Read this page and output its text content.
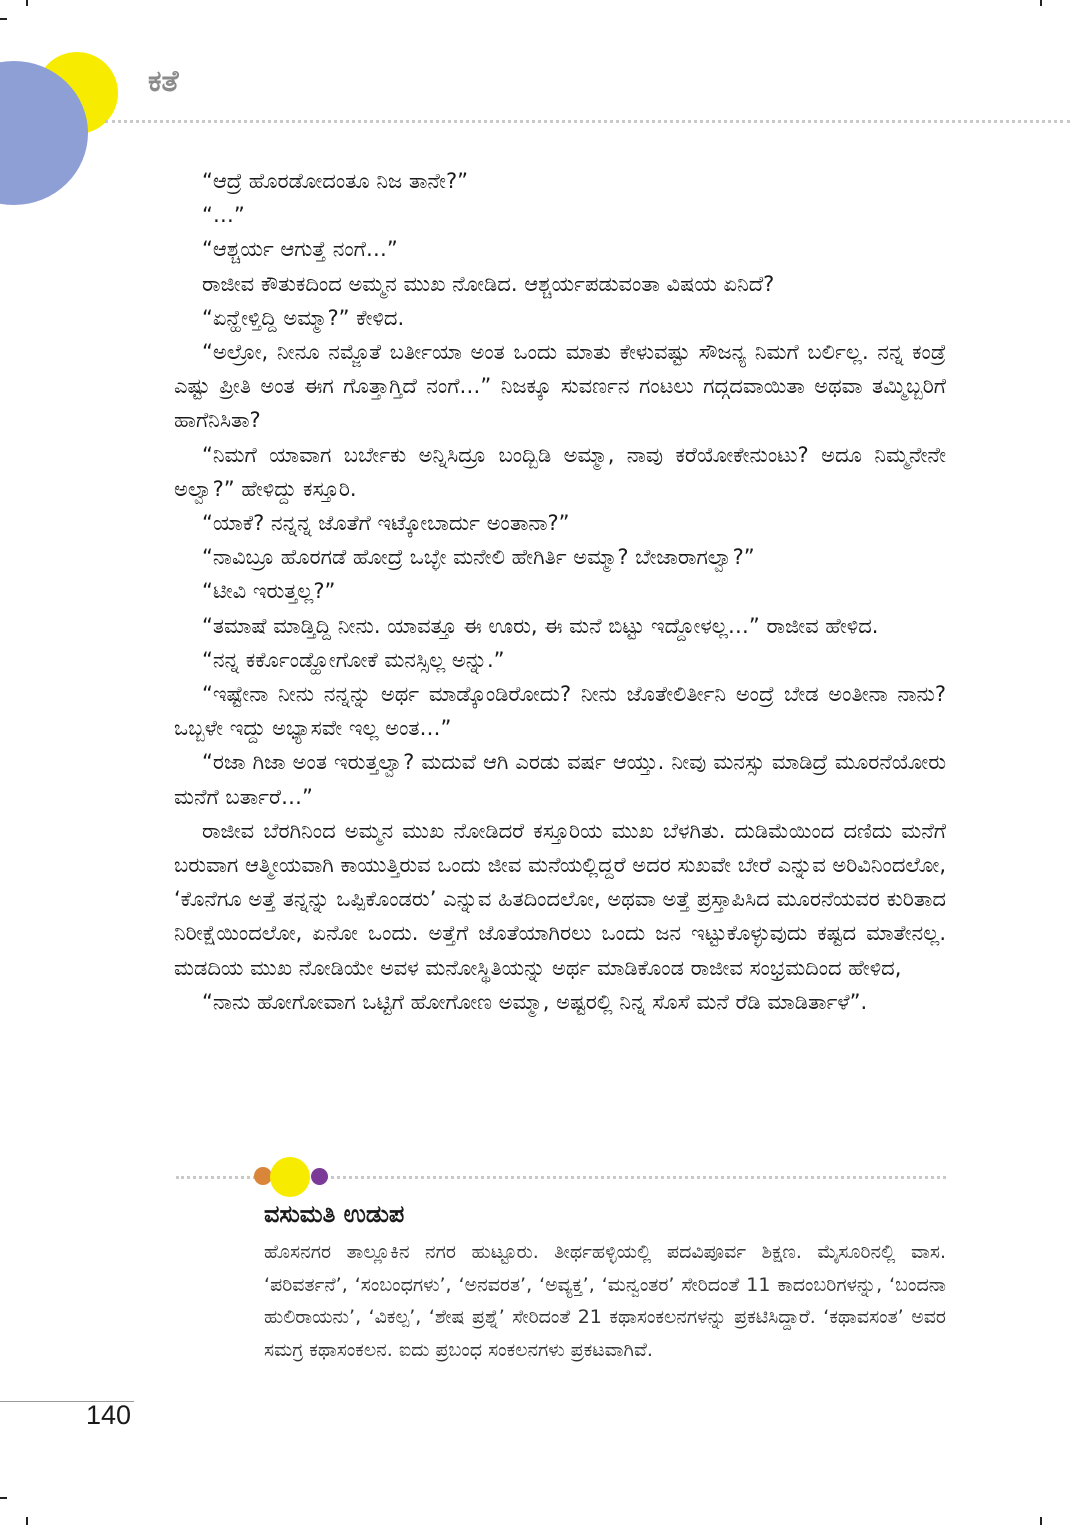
ಕತೆ

“ಆದ್ರೆ ಹೊರಡೋದಂತೂ ನಿಜ ತಾನೇ?”

“…”

“ಆಶ್ಚರ್ಯ ಆಗುತ್ತೆ ನಂಗೆ…”

ರಾಜೀವ ಕೌತುಕದಿಂದ ಅಮ್ಮನ ಮುಖ ನೋಡಿದ. ಆಶ್ಚರ್ಯಪಡುವಂತಾ ವಿಷಯ ಏನಿದೆ?

“ಏನ್ಹೇಳ್ತಿದ್ದಿ ಅಮ್ಮಾ?” ಕೇಳಿದ.

“ಅಲ್ರೋ, ನೀನೂ ನಮ್ಜೊತೆ ಬರ್ತೀಯಾ ಅಂತ ಒಂದು ಮಾತು ಕೇಳುವಷ್ಟು ಸೌಜನ್ಯ ನಿಮಗೆ ಬರ್ಲಿಲ್ಲ. ನನ್ನ ಕಂಡ್ರೆ ಎಷ್ಟು ಪ್ರೀತಿ ಅಂತ ಈಗ ಗೊತ್ತಾಗ್ತಿದೆ ನಂಗೆ…” ನಿಜಕ್ಕೂ ಸುವರ್ಣನ ಗಂಟಲು ಗದ್ಗದವಾಯಿತಾ ಅಥವಾ ತಮ್ಮಿಬ್ಬರಿಗೆ ಹಾಗೆನಿಸಿತಾ?

“ನಿಮಗೆ ಯಾವಾಗ ಬರ್ಬೇಕು ಅನ್ನಿಸಿದ್ರೂ ಬಂದ್ಬಿಡಿ ಅಮ್ಮಾ, ನಾವು ಕರೆಯೋಕೇನುಂಟು? ಅದೂ ನಿಮ್ಮನೇನೇ ಅಲ್ವಾ?” ಹೇಳಿದ್ದು ಕಸ್ತೂರಿ.

“ಯಾಕೆ? ನನ್ನನ್ನ ಜೊತೆಗೆ ಇಟ್ಕೋಬಾರ್ದು ಅಂತಾನಾ?”

“ನಾವಿಬ್ರೂ ಹೊರಗಡೆ ಹೋದ್ರೆ ಒಬ್ಳೇ ಮನೇಲಿ ಹೇಗಿರ್ತಿ ಅಮ್ಮಾ? ಬೇಜಾರಾಗಲ್ವಾ?”

“ಟೀವಿ ಇರುತ್ತಲ್ಲ?”

“ತಮಾಷೆ ಮಾಡ್ತಿದ್ದಿ ನೀನು. ಯಾವತ್ತೂ ಈ ಊರು, ಈ ಮನೆ ಬಿಟ್ಟು ಇದ್ದೋಳಲ್ಲ…” ರಾಜೀವ ಹೇಳಿದ.

“ನನ್ನ ಕರ್ಕೊಂಡ್ಹೋಗೋಕೆ ಮನಸ್ಸಿಲ್ಲ ಅನ್ನು.”

“ಇಷ್ಟೇನಾ ನೀನು ನನ್ನನ್ನು ಅರ್ಥ ಮಾಡ್ಕೊಂಡಿರೋದು? ನೀನು ಜೊತೇಲಿರ್ತೀನಿ ಅಂದ್ರೆ ಬೇಡ ಅಂತೀನಾ ನಾನು? ಒಬ್ಬಳೇ ಇದ್ದು ಅಭ್ಯಾಸವೇ ಇಲ್ಲ ಅಂತ…”

“ರಜಾ ಗಿಜಾ ಅಂತ ಇರುತ್ತಲ್ವಾ? ಮದುವೆ ಆಗಿ ಎರಡು ವರ್ಷ ಆಯ್ತು. ನೀವು ಮನಸ್ಸು ಮಾಡಿದ್ರೆ ಮೂರನೆಯೋರು ಮನೆಗೆ ಬರ್ತಾರೆ…”

ರಾಜೀವ ಬೆರಗಿನಿಂದ ಅಮ್ಮನ ಮುಖ ನೋಡಿದರೆ ಕಸ್ತೂರಿಯ ಮುಖ ಬೆಳಗಿತು. ದುಡಿಮೆಯಿಂದ ದಣಿದು ಮನೆಗೆ ಬರುವಾಗ ಆತ್ಮೀಯವಾಗಿ ಕಾಯುತ್ತಿರುವ ಒಂದು ಜೀವ ಮನೆಯಲ್ಲಿದ್ದರೆ ಅದರ ಸುಖವೇ ಬೇರೆ ಎನ್ನುವ ಅರಿವಿನಿಂದಲೋ, ‘ಕೊನೆಗೂ ಅತ್ತೆ ತನ್ನನ್ನು ಒಪ್ಪಿಕೊಂಡರು’ ಎನ್ನುವ ಹಿತದಿಂದಲೋ, ಅಥವಾ ಅತ್ತೆ ಪ್ರಸ್ತಾಪಿಸಿದ ಮೂರನೆಯವರ ಕುರಿತಾದ ನಿರೀಕ್ಷೆಯಿಂದಲೋ, ಏನೋ ಒಂದು. ಅತ್ತೆಗೆ ಜೊತೆಯಾಗಿರಲು ಒಂದು ಜನ ಇಟ್ಟುಕೊಳ್ಳುವುದು ಕಷ್ಟದ ಮಾತೇನಲ್ಲ. ಮಡದಿಯ ಮುಖ ನೋಡಿಯೇ ಅವಳ ಮನೋಸ್ಥಿತಿಯನ್ನು ಅರ್ಥ ಮಾಡಿಕೊಂಡ ರಾಜೀವ ಸಂಭ್ರಮದಿಂದ ಹೇಳಿದ,

“ನಾನು ಹೋಗೋವಾಗ ಒಟ್ಟಿಗೆ ಹೋಗೋಣ ಅಮ್ಮಾ, ಅಷ್ಟರಲ್ಲಿ ನಿನ್ನ ಸೊಸೆ ಮನೆ ರೆಡಿ ಮಾಡಿರ್ತಾಳೆ”.

ವಸುಮತಿ ಉಡುಪ

ಹೊಸನಗರ ತಾಲ್ಲೂಕಿನ ನಗರ ಹುಟ್ಟೂರು. ತೀರ್ಥಹಳ್ಳಿಯಲ್ಲಿ ಪದವಿಪೂರ್ವ ಶಿಕ್ಷಣ. ಮೈಸೂರಿನಲ್ಲಿ ವಾಸ. ‘ಪರಿವರ್ತನೆ’, ‘ಸಂಬಂಧಗಳು’, ‘ಅನವರತ’, ‘ಅವ್ಯಕ್ತ’, ‘ಮನ್ವಂತರ’ ಸೇರಿದಂತೆ 11 ಕಾದಂಬರಿಗಳನ್ನು, ‘ಬಂದನಾ ಹುಲಿರಾಯನು’, ‘ವಿಕಲ್ಪ’, ‘ಶೇಷ ಪ್ರಶ್ನೆ’ ಸೇರಿದಂತೆ 21 ಕಥಾಸಂಕಲನಗಳನ್ನು ಪ್ರಕಟಿಸಿದ್ದಾರೆ. ‘ಕಥಾವಸಂತ’ ಅವರ ಸಮಗ್ರ ಕಥಾಸಂಕಲನ. ಐದು ಪ್ರಬಂಧ ಸಂಕಲನಗಳು ಪ್ರಕಟವಾಗಿವೆ.

140
